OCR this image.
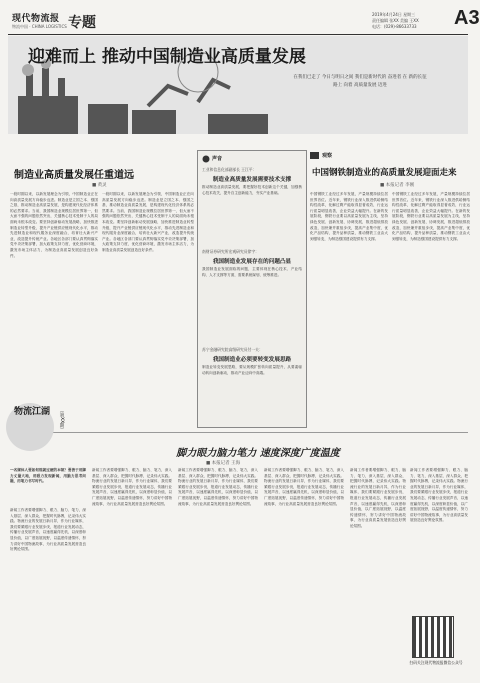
现代物流报
物流中国 · CHINA LOGISTICS 专题
2019年4月24日 星期三
责任编辑 张XX 美编 王XX
电话：(029)-86633733	A3
迎难而上 推动中国制造业高质量发展
在我们已走了 今日与明日之间 我们是新时代的 奋进者 在 新的长征路上 向着 高质量发展 迈进
制造业高质量发展任重道远
■ 黄灵
一段时期以来，以新发展理念为引领，中国制造业正在向高质量发展方向稳步迈进。制造业是立国之本、强国之基，推动制造业高质量发展，是构建现代化经济体系的必然要求。当前，我国制造业规模位居世界第一，但大而不强的问题依然突出，关键核心技术受制于人的局面尚未根本改变。要坚持创新驱动发展战略，加快推进制造业转型升级，提升产业链供应链现代化水平，推动先进制造业和现代服务业深度融合，培育壮大新兴产业，改造提升传统产业。各地区各部门要认真贯彻落实党中央决策部署，加大政策支持力度，优化营商环境，激发市场主体活力，为制造业高质量发展创造良好条件。
一段时期以来，以新发展理念为引领，中国制造业正在向高质量发展方向稳步迈进。制造业是立国之本、强国之基，推动制造业高质量发展，是构建现代化经济体系的必然要求。当前，我国制造业规模位居世界第一，但大而不强的问题依然突出，关键核心技术受制于人的局面尚未根本改变。要坚持创新驱动发展战略，加快推进制造业转型升级，提升产业链供应链现代化水平，推动先进制造业和现代服务业深度融合，培育壮大新兴产业，改造提升传统产业。各地区各部门要认真贯彻落实党中央决策部署，加大政策支持力度，优化营商环境，激发市场主体活力，为制造业高质量发展创造良好条件。
声音
工业和信息化部副部长 王江平：
制造业高质量发展需要技术支撑
推动制造业高质量发展，要把握好技术创新这个关键，加强核心技术攻关，提升自主创新能力，夯实产业基础。
南财证券研究所宏观研究员徐宇：
我国制造业发展存在的问题凸显
我国制造业发展面临的问题，主要体现在核心技术、产业结构、人才支撑等方面，需要系统谋划、统筹推进。
苏宁金融研究院高级研究员付一夫：
我国制造业必须要转变发展思路
制造业转变发展思路，要从规模扩张转向质量提升，从要素驱动转向创新驱动，推动产业迈向中高端。
观察
中国钢铁制造业的高质量发展迎面走来
■ 本报记者 李刚
中国钢铁工业经过多年发展，产量规模持续位居世界首位。近年来，钢铁行业深入推进供给侧结构性改革，化解过剩产能取得显著成效，行业运行质量明显改善，企业效益大幅提升。在新的发展阶段，钢铁行业要以高质量发展为主线，坚持绿色发展、创新发展、协调发展，推进超低排放改造，加快兼并重组步伐，提高产业集中度，优化产品结构，提升品种质量，推动钢铁工业由大到强转变，为制造强国建设提供有力支撑。
中国钢铁工业经过多年发展，产量规模持续位居世界首位。近年来，钢铁行业深入推进供给侧结构性改革，化解过剩产能取得显著成效，行业运行质量明显改善，企业效益大幅提升。在新的发展阶段，钢铁行业要以高质量发展为主线，坚持绿色发展、创新发展、协调发展，推进超低排放改造，加快兼并重组步伐，提高产业集中度，优化产品结构，提升品种质量，推动钢铁工业由大到强转变，为制造强国建设提供有力支撑。
物流江湖	（第XX期）
脚力眼力脑力笔力 速度深度广度温度
■ 本报记者 王海
一名媒体人要如何练就过硬的本领？要善于用脚力丈量大地，用眼力发现新闻，用脑力思考问题，用笔力书写时代。
新闻工作者要增强脚力、眼力、脑力、笔力，深入基层、深入群众，把握时代脉搏，记录伟大实践。物流行业的发展日新月异，作为行业媒体，我们要紧跟行业发展步伐，报道行业发展动态，传播行业发展声音，以速度赢得先机，以深度彰显价值，以广度拓展视野，以温度传递情怀，努力讲好中国物流故事，为行业高质量发展营造良好舆论氛围。
新闻工作者要增强脚力、眼力、脑力、笔力，深入基层、深入群众，把握时代脉搏，记录伟大实践。物流行业的发展日新月异，作为行业媒体，我们要紧跟行业发展步伐，报道行业发展动态，传播行业发展声音，以速度赢得先机，以深度彰显价值，以广度拓展视野，以温度传递情怀，努力讲好中国物流故事，为行业高质量发展营造良好舆论氛围。
新闻工作者要增强脚力、眼力、脑力、笔力，深入基层、深入群众，把握时代脉搏，记录伟大实践。物流行业的发展日新月异，作为行业媒体，我们要紧跟行业发展步伐，报道行业发展动态，传播行业发展声音，以速度赢得先机，以深度彰显价值，以广度拓展视野，以温度传递情怀，努力讲好中国物流故事，为行业高质量发展营造良好舆论氛围。
新闻工作者要增强脚力、眼力、脑力、笔力，深入基层、深入群众，把握时代脉搏，记录伟大实践。物流行业的发展日新月异，作为行业媒体，我们要紧跟行业发展步伐，报道行业发展动态，传播行业发展声音，以速度赢得先机，以深度彰显价值，以广度拓展视野，以温度传递情怀，努力讲好中国物流故事，为行业高质量发展营造良好舆论氛围。
新闻工作者要增强脚力、眼力、脑力、笔力，深入基层、深入群众，把握时代脉搏，记录伟大实践。物流行业的发展日新月异，作为行业媒体，我们要紧跟行业发展步伐，报道行业发展动态，传播行业发展声音，以速度赢得先机，以深度彰显价值，以广度拓展视野，以温度传递情怀，努力讲好中国物流故事，为行业高质量发展营造良好舆论氛围。
新闻工作者要增强脚力、眼力、脑力、笔力，深入基层、深入群众，把握时代脉搏，记录伟大实践。物流行业的发展日新月异，作为行业媒体，我们要紧跟行业发展步伐，报道行业发展动态，传播行业发展声音，以速度赢得先机，以深度彰显价值，以广度拓展视野，以温度传递情怀，努力讲好中国物流故事，为行业高质量发展营造良好舆论氛围。
扫码关注现代物流报微信公众号
